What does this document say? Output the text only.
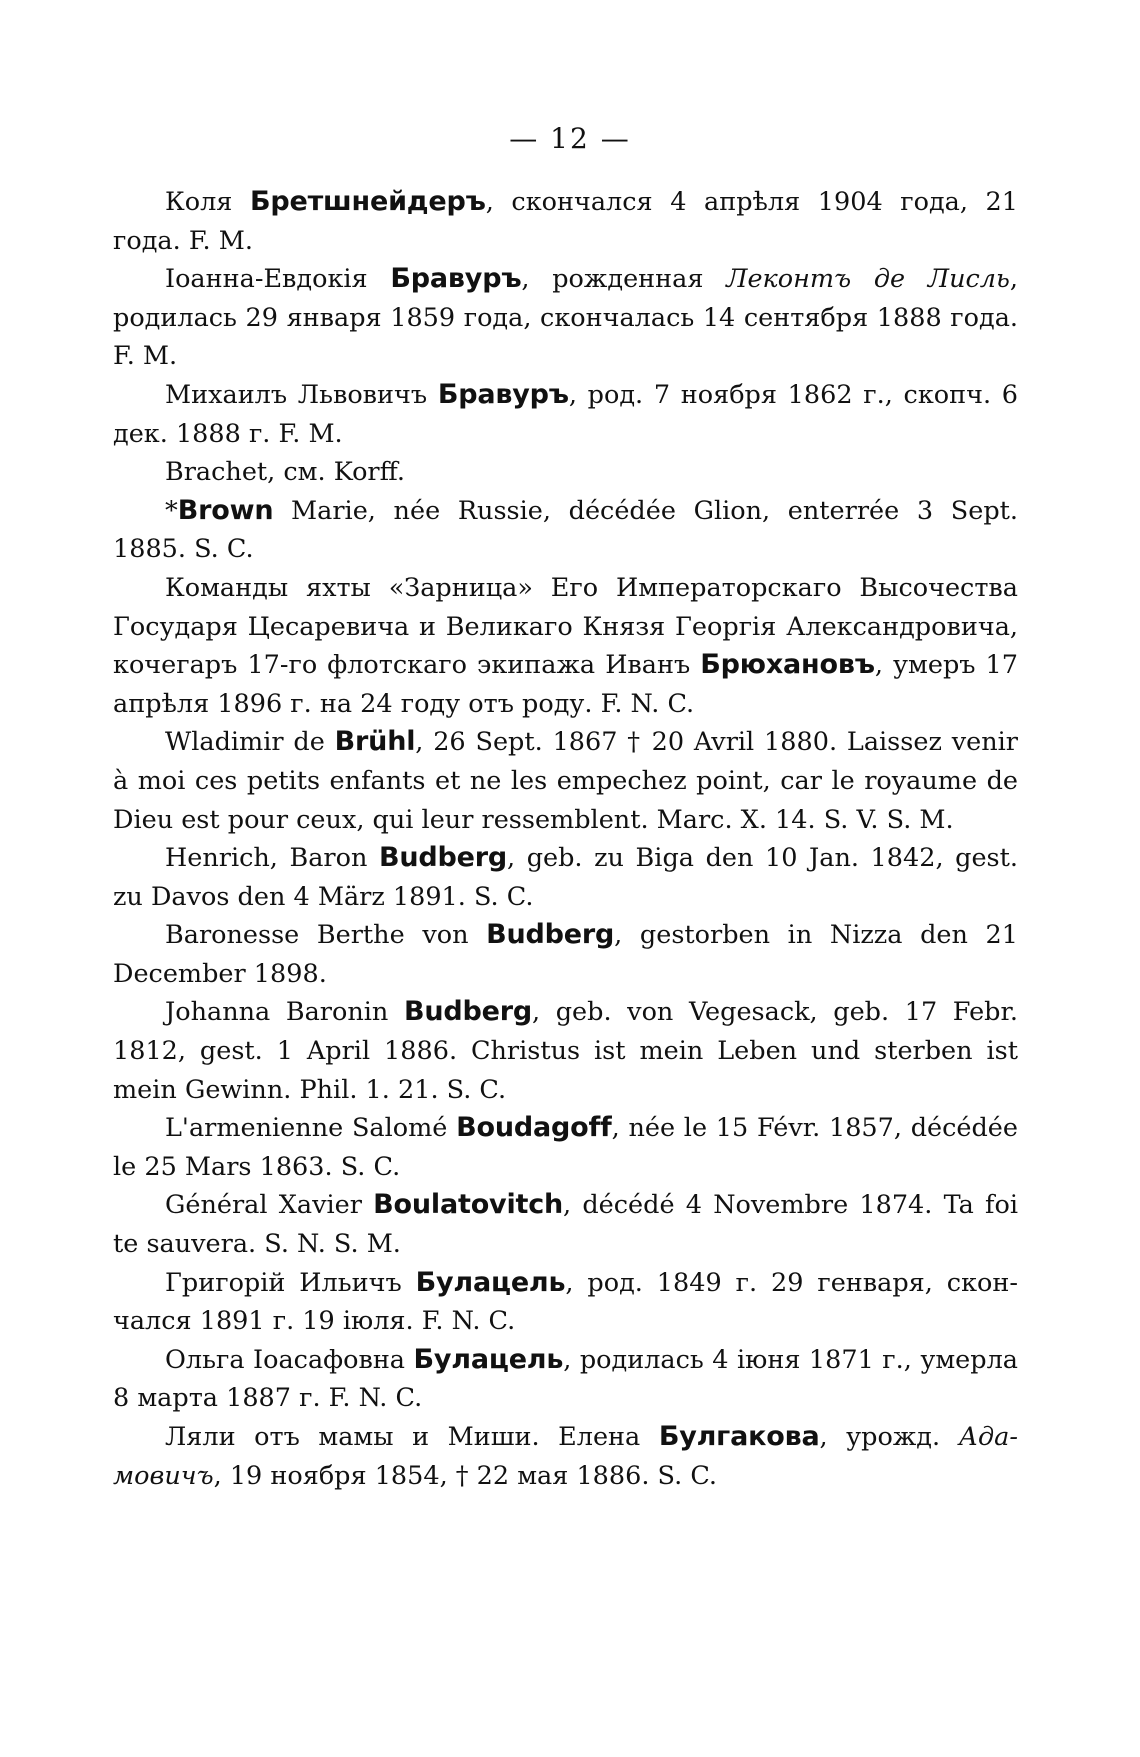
— 12 —

Коля Бретшнейдеръ, скончался 4 апрѣля 1904 года, 21 года. F. M.

Іоанна-Евдокія Бравуръ, рожденная Леконтъ де Лисль, родилась 29 января 1859 года, скончалась 14 сентября 1888 года. F. M.

Михаилъ Львовичъ Бравуръ, род. 7 ноября 1862 г., скопч. 6 дек. 1888 г. F. M.

Brachet, см. Korff.

*Brown Marie, née Russie, décédée Glion, enterrée 3 Sept. 1885. S. C.

Команды яхты «Зарница» Его Императорскаго Высочества Государя Цесаревича и Великаго Князя Георгія Александровича, кочегаръ 17-го флотскаго экипажа Иванъ Брюхановъ, умеръ 17 апрѣля 1896 г. на 24 году отъ роду. F. N. C.

Wladimir de Brühl, 26 Sept. 1867 † 20 Avril 1880. Laissez venir à moi ces petits enfants et ne les empechez point, car le royaume de Dieu est pour ceux, qui leur ressemblent. Marc. X. 14. S. V. S. M.

Henrich, Baron Budberg, geb. zu Biga den 10 Jan. 1842, gest. zu Davos den 4 März 1891. S. C.

Baronesse Berthe von Budberg, gestorben in Nizza den 21 December 1898.

Johanna Baronin Budberg, geb. von Vegesack, geb. 17 Febr. 1812, gest. 1 April 1886. Christus ist mein Leben und sterben ist mein Gewinn. Phil. 1. 21. S. C.

L'armenienne Salomé Boudagoff, née le 15 Févr. 1857, décédée le 25 Mars 1863. S. C.

Général Xavier Boulatovitch, décédé 4 Novembre 1874. Ta foi te sauvera. S. N. S. M.

Григорій Ильичъ Булацель, род. 1849 г. 29 генваря, скончался 1891 г. 19 іюля. F. N. C.

Ольга Іоасафовна Булацель, родилась 4 іюня 1871 г., умерла 8 марта 1887 г. F. N. C.

Ляли отъ мамы и Миши. Елена Булгакова, урожд. Адамовичъ, 19 ноября 1854, † 22 мая 1886. S. C.
